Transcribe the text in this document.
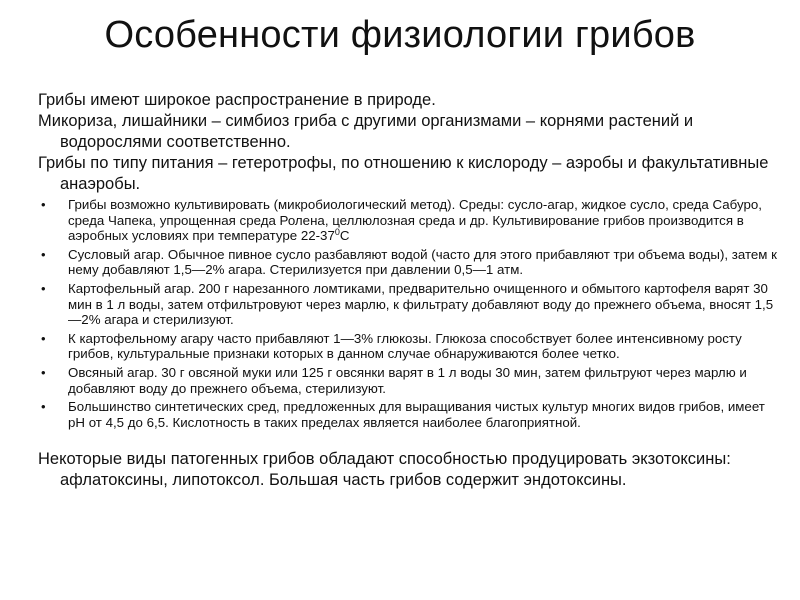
Особенности физиологии грибов

Грибы имеют широкое распространение в природе.

Микориза, лишайники – симбиоз гриба с другими организмами – корнями растений и водорослями соответственно.

Грибы по типу питания – гетеротрофы, по отношению к кислороду – аэробы и факультативные анаэробы.

• Грибы возможно культивировать (микробиологический метод). Среды: сусло-агар, жидкое сусло, среда Сабуро, среда Чапека, упрощенная среда Ролена, целлюлозная среда и др. Культивирование грибов производится в аэробных условиях при температуре $22-37^0C$
• Сусловый агар. Обычное пивное сусло разбавляют водой (часто для этого прибавляют три объема воды), затем к нему добавляют 1,5—2% агара. Стерилизуется при давлении 0,5—1 атм.
• Картофельный агар. 200 г нарезанного ломтиками, предварительно очищенного и обмытого картофеля варят 30 мин в 1 л воды, затем отфильтровуют через марлю, к фильтрату добавляют воду до прежнего объема, вносят 1,5—2% агара и стерилизуют.
• К картофельному агару часто прибавляют 1—3% глюкозы. Глюкоза способствует более интенсивному росту грибов, культуральные признаки которых в данном случае обнаруживаются более четко.
• Овсяный агар. 30 г овсяной муки или 125 г овсянки варят в 1 л воды 30 мин, затем фильтруют через марлю и добавляют воду до прежнего объема, стерилизуют.
• Большинство синтетических сред, предложенных для выращивания чистых культур многих видов грибов, имеет pH от 4,5 до 6,5. Кислотность в таких пределах является наиболее благоприятной.

Некоторые виды патогенных грибов обладают способностью продуцировать экзотоксины: афлатоксины, липотоксол. Большая часть грибов содержит эндотоксины.
